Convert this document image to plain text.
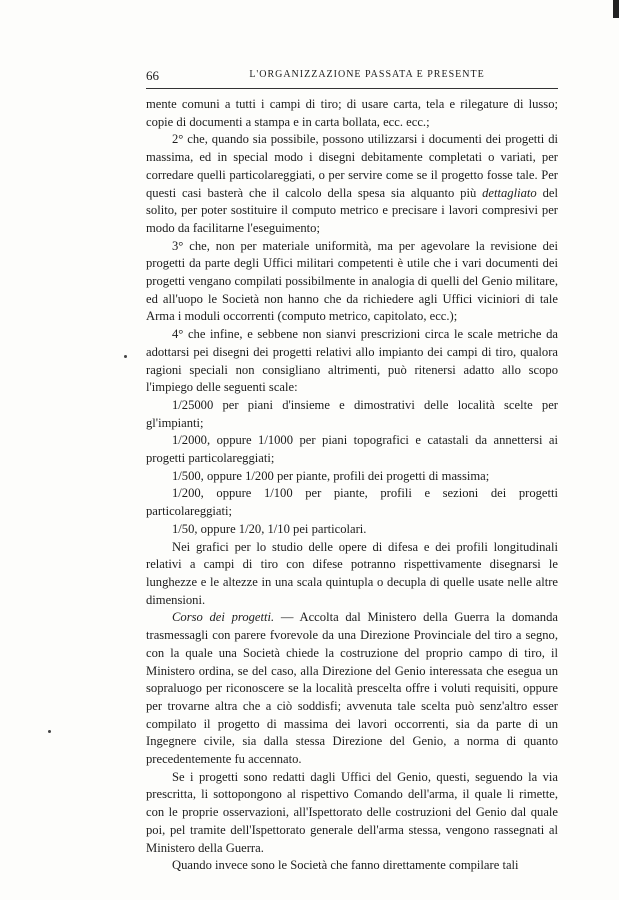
66	L'ORGANIZZAZIONE PASSATA E PRESENTE

mente comuni a tutti i campi di tiro; di usare carta, tela e rilegature di lusso; copie di documenti a stampa e in carta bollata, ecc. ecc.;

2° che, quando sia possibile, possono utilizzarsi i documenti dei progetti di massima, ed in special modo i disegni debitamente completati o variati, per corredare quelli particolareggiati, o per servire come se il progetto fosse tale. Per questi casi basterà che il calcolo della spesa sia alquanto più dettagliato del solito, per poter sostituire il computo metrico e precisare i lavori compresivi per modo da facilitarne l'eseguimento;

3° che, non per materiale uniformità, ma per agevolare la revisione dei progetti da parte degli Uffici militari competenti è utile che i vari documenti dei progetti vengano compilati possibilmente in analogia di quelli del Genio militare, ed all'uopo le Società non hanno che da richiedere agli Uffici viciniori di tale Arma i moduli occorrenti (computo metrico, capitolato, ecc.);

4° che infine, e sebbene non sianvi prescrizioni circa le scale metriche da adottarsi pei disegni dei progetti relativi allo impianto dei campi di tiro, qualora ragioni speciali non consigliano altrimenti, può ritenersi adatto allo scopo l'impiego delle seguenti scale:

1/25000 per piani d'insieme e dimostrativi delle località scelte per gl'impianti;

1/2000, oppure 1/1000 per piani topografici e catastali da annettersi ai progetti particolareggiati;

1/500, oppure 1/200 per piante, profili dei progetti di massima;

1/200, oppure 1/100 per piante, profili e sezioni dei progetti particolareggiati;

1/50, oppure 1/20, 1/10 pei particolari.

Nei grafici per lo studio delle opere di difesa e dei profili longitudinali relativi a campi di tiro con difese potranno rispettivamente disegnarsi le lunghezze e le altezze in una scala quintupla o decupla di quelle usate nelle altre dimensioni.

Corso dei progetti. — Accolta dal Ministero della Guerra la domanda trasmessagli con parere fvorevole da una Direzione Provinciale del tiro a segno, con la quale una Società chiede la costruzione del proprio campo di tiro, il Ministero ordina, se del caso, alla Direzione del Genio interessata che esegua un sopraluogo per riconoscere se la località prescelta offre i voluti requisiti, oppure per trovarne altra che a ciò soddisfi; avvenuta tale scelta può senz'altro esser compilato il progetto di massima dei lavori occorrenti, sia da parte di un Ingegnere civile, sia dalla stessa Direzione del Genio, a norma di quanto precedentemente fu accennato.

Se i progetti sono redatti dagli Uffici del Genio, questi, seguendo la via prescritta, li sottopongono al rispettivo Comando dell'arma, il quale li rimette, con le proprie osservazioni, all'Ispettorato delle costruzioni del Genio dal quale poi, pel tramite dell'Ispettorato generale dell'arma stessa, vengono rassegnati al Ministero della Guerra.

Quando invece sono le Società che fanno direttamente compilare tali
